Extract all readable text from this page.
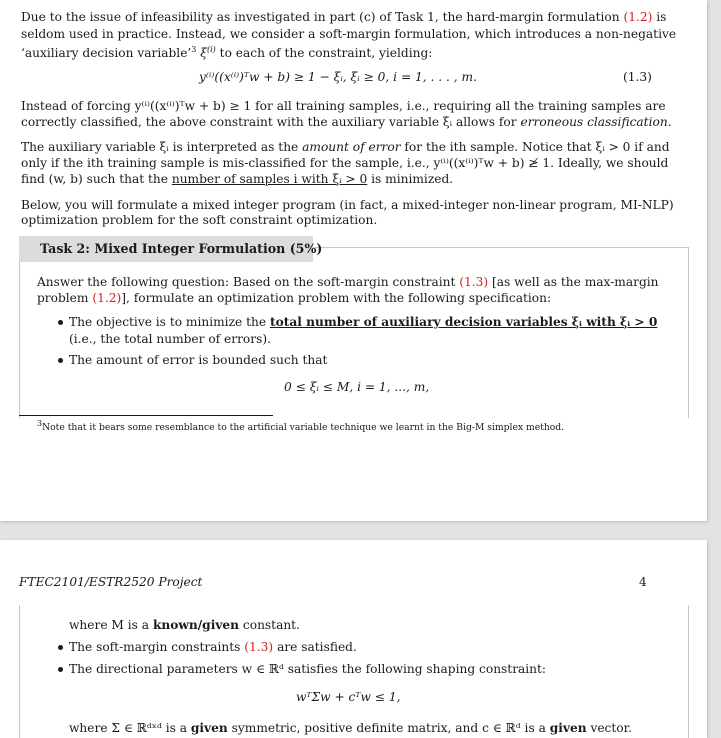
Due to the issue of infeasibility as investigated in part (c) of Task 1, the hard-margin formulation (1.2) is
seldom used in practice. Instead, we consider a soft-margin formulation, which introduces a non-negative
‘auxiliary decision variable’$^3$ $\xi^{(i)}$ to each of the constraint, yielding:
y⁽ⁱ⁾((x⁽ⁱ⁾)ᵀw + b) ≥ 1 − ξᵢ, ξᵢ ≥ 0, i = 1, . . . , m.	(1.3)
Instead of forcing y⁽ⁱ⁾((x⁽ⁱ⁾)ᵀw + b) ≥ 1 for all training samples, i.e., requiring all the training samples are
correctly classified, the above constraint with the auxiliary variable ξᵢ allows for erroneous classification.
The auxiliary variable ξᵢ is interpreted as the amount of error for the ith sample. Notice that ξᵢ > 0 if and
only if the ith training sample is mis-classified for the sample, i.e., y⁽ⁱ⁾((x⁽ⁱ⁾)ᵀw + b) ≱ 1. Ideally, we should
find (w, b) such that the number of samples i with ξᵢ > 0 is minimized.
Below, you will formulate a mixed integer program (in fact, a mixed-integer non-linear program, MI-NLP)
optimization problem for the soft constraint optimization.
Task 2: Mixed Integer Formulation (5%)
Answer the following question: Based on the soft-margin constraint (1.3) [as well as the max-margin
problem (1.2)], formulate an optimization problem with the following specification:
The objective is to minimize the total number of auxiliary decision variables ξᵢ with ξᵢ > 0
(i.e., the total number of errors).
The amount of error is bounded such that
0 ≤ ξᵢ ≤ M, i = 1, ..., m,
$^3$Note that it bears some resemblance to the artificial variable technique we learnt in the Big-M simplex method.
FTEC2101/ESTR2520 Project	4
where M is a known/given constant.
The soft-margin constraints (1.3) are satisfied.
The directional parameters w ∈ ℝᵈ satisfies the following shaping constraint:
wᵀΣw + cᵀw ≤ 1,
where Σ ∈ ℝᵈˣᵈ is a given symmetric, positive definite matrix, and c ∈ ℝᵈ is a given vector.
